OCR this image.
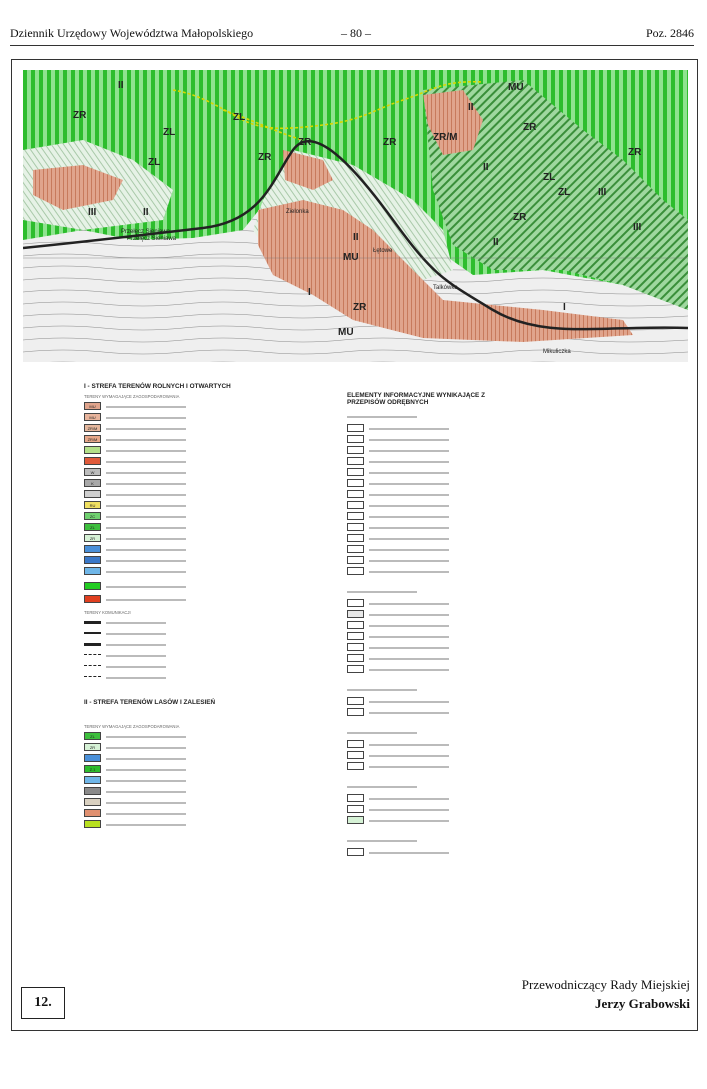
Dziennik Urzędowy Województwa Małopolskiego	– 80 –	Poz. 2846
II
ZR
ZL
ZL
ZL
III	II
ZR
ZR
II
ZR/M
II
ZR
ZL
MU
III
ZR
ZR
ZR
MU
III
ZR
II
MU
II
ZL
I
I
Przełęcz Sieniawa
Przełęcz Sieniawa
Zielonka
Łętowe
Talkówka
Mikuliczka
I - STREFA TERENÓW ROLNYCH I OTWARTYCH
TERENY WYMAGAJĄCE ZAGOSPODAROWANIA
MU
MU
ZR/M
ZR/M
W
K
RU
ZC
ZL
ZR
TERENY KOMUNIKACJI
II - STREFA TERENÓW LASÓW I ZALESIEŃ
TERENY WYMAGAJĄCE ZAGOSPODAROWANIA
ZL
ZR
Z.1
ELEMENTY INFORMACYJNE WYNIKAJĄCE Z PRZEPISÓW ODRĘBNYCH
Przewodniczący Rady Miejskiej
Jerzy Grabowski
12.
